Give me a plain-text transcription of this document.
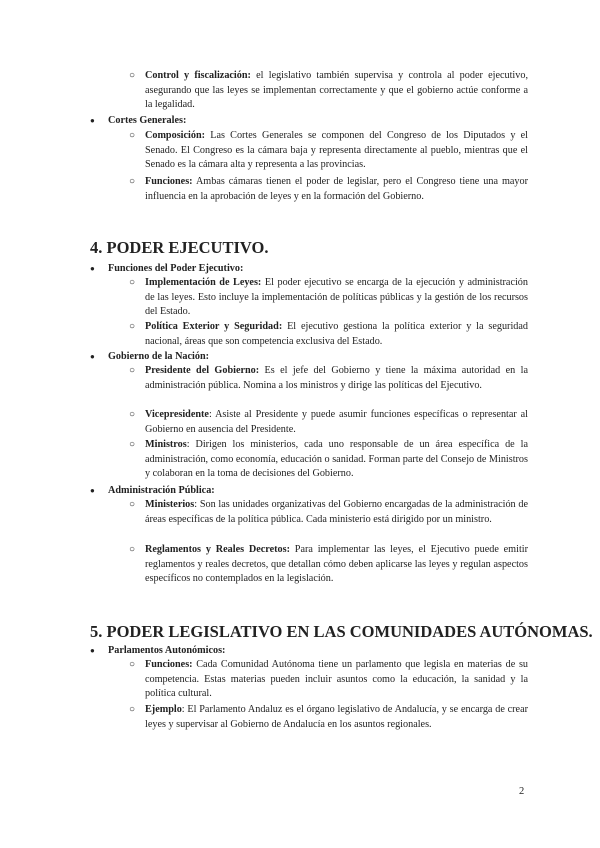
○ Control y fiscalización: el legislativo también supervisa y controla al poder ejecutivo, asegurando que las leyes se implementan correctamente y que el gobierno actúe conforme a la legalidad.
● Cortes Generales:
○ Composición: Las Cortes Generales se componen del Congreso de los Diputados y el Senado. El Congreso es la cámara baja y representa directamente al pueblo, mientras que el Senado es la cámara alta y representa a las provincias.
○ Funciones: Ambas cámaras tienen el poder de legislar, pero el Congreso tiene una mayor influencia en la aprobación de leyes y en la formación del Gobierno.
4. PODER EJECUTIVO.
● Funciones del Poder Ejecutivo:
○ Implementación de Leyes: El poder ejecutivo se encarga de la ejecución y administración de las leyes. Esto incluye la implementación de políticas públicas y la gestión de los recursos del Estado.
○ Política Exterior y Seguridad: El ejecutivo gestiona la política exterior y la seguridad nacional, áreas que son competencia exclusiva del Estado.
● Gobierno de la Nación:
○ Presidente del Gobierno: Es el jefe del Gobierno y tiene la máxima autoridad en la administración pública. Nomina a los ministros y dirige las políticas del Ejecutivo.
○ Vicepresidente: Asiste al Presidente y puede asumir funciones específicas o representar al Gobierno en ausencia del Presidente.
○ Ministros: Dirigen los ministerios, cada uno responsable de un área específica de la administración, como economía, educación o sanidad. Forman parte del Consejo de Ministros y colaboran en la toma de decisiones del Gobierno.
● Administración Pública:
○ Ministerios: Son las unidades organizativas del Gobierno encargadas de la administración de áreas específicas de la política pública. Cada ministerio está dirigido por un ministro.
○ Reglamentos y Reales Decretos: Para implementar las leyes, el Ejecutivo puede emitir reglamentos y reales decretos, que detallan cómo deben aplicarse las leyes y regulan aspectos específicos no contemplados en la legislación.
5. PODER LEGISLATIVO EN LAS COMUNIDADES AUTÓNOMAS.
● Parlamentos Autonómicos:
○ Funciones: Cada Comunidad Autónoma tiene un parlamento que legisla en materias de su competencia. Estas materias pueden incluir asuntos como la educación, la sanidad y la política cultural.
○ Ejemplo: El Parlamento Andaluz es el órgano legislativo de Andalucía, y se encarga de crear leyes y supervisar al Gobierno de Andalucía en los asuntos regionales.
2
